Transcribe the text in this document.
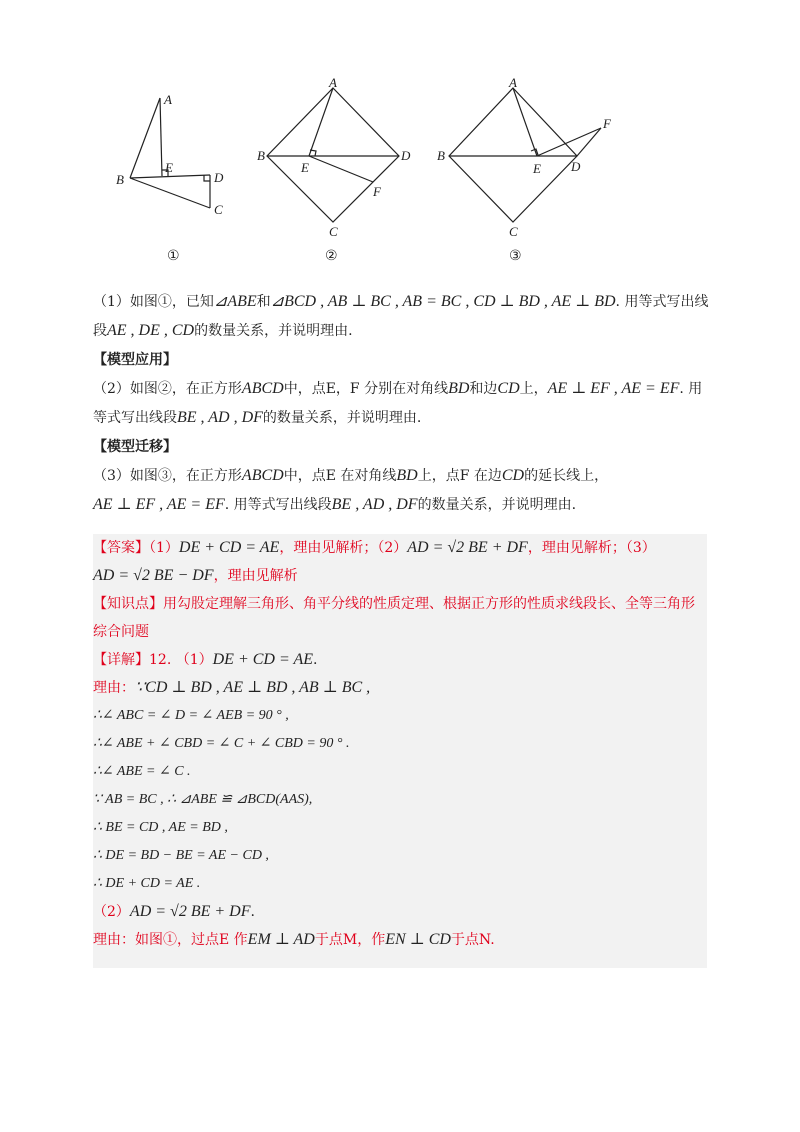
A
B
E
D
C
A
B
E
D
F
C
A
B
E D
F
C
①	②	③

（1）如图①，已知⊿ABE和⊿BCD , AB ⊥ BC , AB = BC , CD ⊥ BD , AE ⊥ BD. 用等式写出线

段AE , DE , CD的数量关系，并说明理由.

【模型应用】

（2）如图②，在正方形ABCD中，点E，F 分别在对角线BD和边CD上，AE ⊥ EF , AE = EF. 用

等式写出线段BE , AD , DF的数量关系，并说明理由.

【模型迁移】

（3）如图③，在正方形ABCD中，点E 在对角线BD上，点F 在边CD的延长线上，

AE ⊥ EF , AE = EF. 用等式写出线段BE , AD , DF的数量关系，并说明理由.

【答案】（1）DE + CD = AE，理由见解析；（2）AD = √2 BE + DF，理由见解析；（3）

AD = √2 BE − DF，理由见解析

【知识点】用勾股定理解三角形、角平分线的性质定理、根据正方形的性质求线段长、全等三角形

综合问题

【详解】12. （1）DE + CD = AE.

理由：∵CD ⊥ BD , AE ⊥ BD , AB ⊥ BC ,

∴∠ ABC = ∠ D = ∠ AEB = 90 ° ,

∴∠ ABE + ∠ CBD = ∠ C + ∠ CBD = 90 ° .

∴∠ ABE = ∠ C .

∵ AB = BC , ∴ ⊿ABE ≌ ⊿BCD(AAS),

∴ BE = CD , AE = BD ,

∴ DE = BD − BE = AE − CD ,

∴ DE + CD = AE .

（2）AD = √2 BE + DF.

理由：如图①，过点E 作EM ⊥ AD于点M，作EN ⊥ CD于点N.
